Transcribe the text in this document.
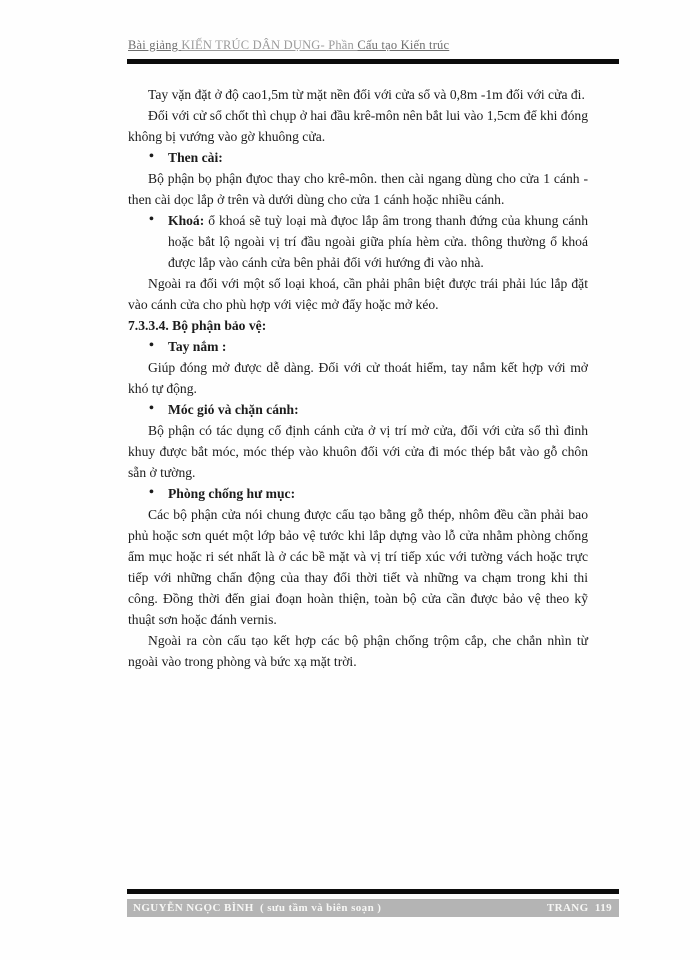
Bài giảng KIẾN TRÚC DÂN DỤNG- Phần Cấu tạo Kiến trúc

Tay vặn đặt ở độ cao1,5m từ mặt nền đối với cửa sổ và 0,8m -1m đối với cửa đi.

Đối với cử sổ chốt thì chụp ở hai đầu krê-môn nên bắt lui vào 1,5cm để khi đóng không bị vướng vào gờ khuông cửa.

• Then cài:

Bộ phận bọ phận đựoc thay cho krê-môn. then cài ngang dùng cho cửa 1 cánh - then cài dọc lắp ở trên và dưới dùng cho cửa 1 cánh hoặc nhiều cánh.

• Khoá: ổ khoá sẽ tuỳ loại mà đựoc lắp âm trong thanh đứng của khung cánh hoặc bắt lộ ngoài vị trí đầu ngoài giữa phía hèm cửa. thông thường ổ khoá được lắp vào cánh cửa bên phải đối với hướng đi vào nhà.

Ngoài ra đối với một số loại khoá, cần phải phân biệt được trái phải lúc lắp đặt vào cánh cửa cho phù hợp với việc mở đẩy hoặc mở kéo.

7.3.3.4. Bộ phận bảo vệ:

• Tay nắm :

Giúp đóng mở được dễ dàng. Đối với cử thoát hiểm, tay nắm kết hợp với mở khó tự động.

• Móc gió và chặn cánh:

Bộ phận có tác dụng cố định cánh cửa ở vị trí mở cửa, đối với cửa sổ thì đinh khuy được bắt móc, móc thép vào khuôn đối với cửa đi móc thép bắt vào gỗ chôn sẵn ở tường.

• Phòng chống hư mục:

Các bộ phận cửa nói chung được cấu tạo bằng gỗ thép, nhôm đều cần phải bao phủ hoặc sơn quét một lớp bảo vệ tước khi lắp dựng vào lỗ cửa nhằm phòng chống ẩm mục hoặc ri sét nhất là ở các bề mặt và vị trí tiếp xúc với tường vách hoặc trực tiếp với những chấn động của thay đổi thời tiết và những va chạm trong khi thi công. Đồng thời đến giai đoạn hoàn thiện, toàn bộ cửa cần được bảo vệ theo kỹ thuật sơn hoặc đánh vernis.

Ngoài ra còn cấu tạo kết hợp các bộ phận chống trộm cắp, che chắn nhìn từ ngoài vào trong phòng và bức xạ mặt trời.

NGUYỄN NGỌC BÌNH  ( sưu tầm và biên soạn )	TRANG  119
